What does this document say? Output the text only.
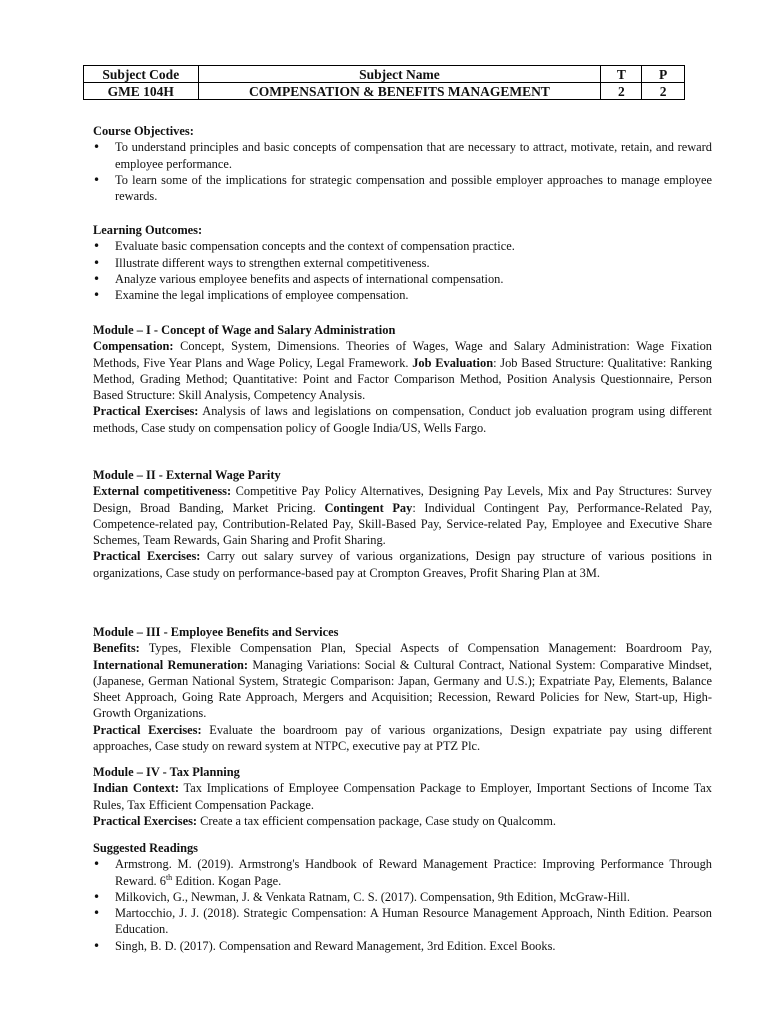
Subject Code	Subject Name	T	P
GME 104H	COMPENSATION & BENEFITS MANAGEMENT	2	2
Course Objectives:

• To understand principles and basic concepts of compensation that are necessary to attract, motivate, retain, and reward employee performance.

• To learn some of the implications for strategic compensation and possible employer approaches to manage employee rewards.

Learning Outcomes:
• Evaluate basic compensation concepts and the context of compensation practice.
• Illustrate different ways to strengthen external competitiveness.
• Analyze various employee benefits and aspects of international compensation.
• Examine the legal implications of employee compensation.
Module – I - Concept of Wage and Salary Administration

Compensation: Concept, System, Dimensions. Theories of Wages, Wage and Salary Administration: Wage Fixation Methods, Five Year Plans and Wage Policy, Legal Framework. Job Evaluation: Job Based Structure: Qualitative: Ranking Method, Grading Method; Quantitative: Point and Factor Comparison Method, Position Analysis Questionnaire, Person Based Structure: Skill Analysis, Competency Analysis.

Practical Exercises: Analysis of laws and legislations on compensation, Conduct job evaluation program using different methods, Case study on compensation policy of Google India/US, Wells Fargo.

Module – II - External Wage Parity

External competitiveness: Competitive Pay Policy Alternatives, Designing Pay Levels, Mix and Pay Structures: Survey Design, Broad Banding, Market Pricing. Contingent Pay: Individual Contingent Pay, Performance-Related Pay, Competence-related pay, Contribution-Related Pay, Skill-Based Pay, Service-related Pay, Employee and Executive Share Schemes, Team Rewards, Gain Sharing and Profit Sharing.

Practical Exercises: Carry out salary survey of various organizations, Design pay structure of various positions in organizations, Case study on performance-based pay at Crompton Greaves, Profit Sharing Plan at 3M.

Module – III - Employee Benefits and Services

Benefits: Types, Flexible Compensation Plan, Special Aspects of Compensation Management: Boardroom Pay, International Remuneration: Managing Variations: Social & Cultural Contract, National System: Comparative Mindset, (Japanese, German National System, Strategic Comparison: Japan, Germany and U.S.); Expatriate Pay, Elements, Balance Sheet Approach, Going Rate Approach, Mergers and Acquisition; Recession, Reward Policies for New, Start-up, High-Growth Organizations.

Practical Exercises: Evaluate the boardroom pay of various organizations, Design expatriate pay using different approaches, Case study on reward system at NTPC, executive pay at PTZ Plc.

Module – IV - Tax Planning

Indian Context: Tax Implications of Employee Compensation Package to Employer, Important Sections of Income Tax Rules, Tax Efficient Compensation Package.

Practical Exercises: Create a tax efficient compensation package, Case study on Qualcomm.

Suggested Readings

• Armstrong. M. (2019). Armstrong's Handbook of Reward Management Practice: Improving Performance Through Reward. 6th Edition. Kogan Page.

• Milkovich, G., Newman, J. & Venkata Ratnam, C. S. (2017). Compensation, 9th Edition, McGraw-Hill.

• Martocchio, J. J. (2018). Strategic Compensation: A Human Resource Management Approach, Ninth Edition. Pearson Education.

• Singh, B. D. (2017). Compensation and Reward Management, 3rd Edition. Excel Books.
